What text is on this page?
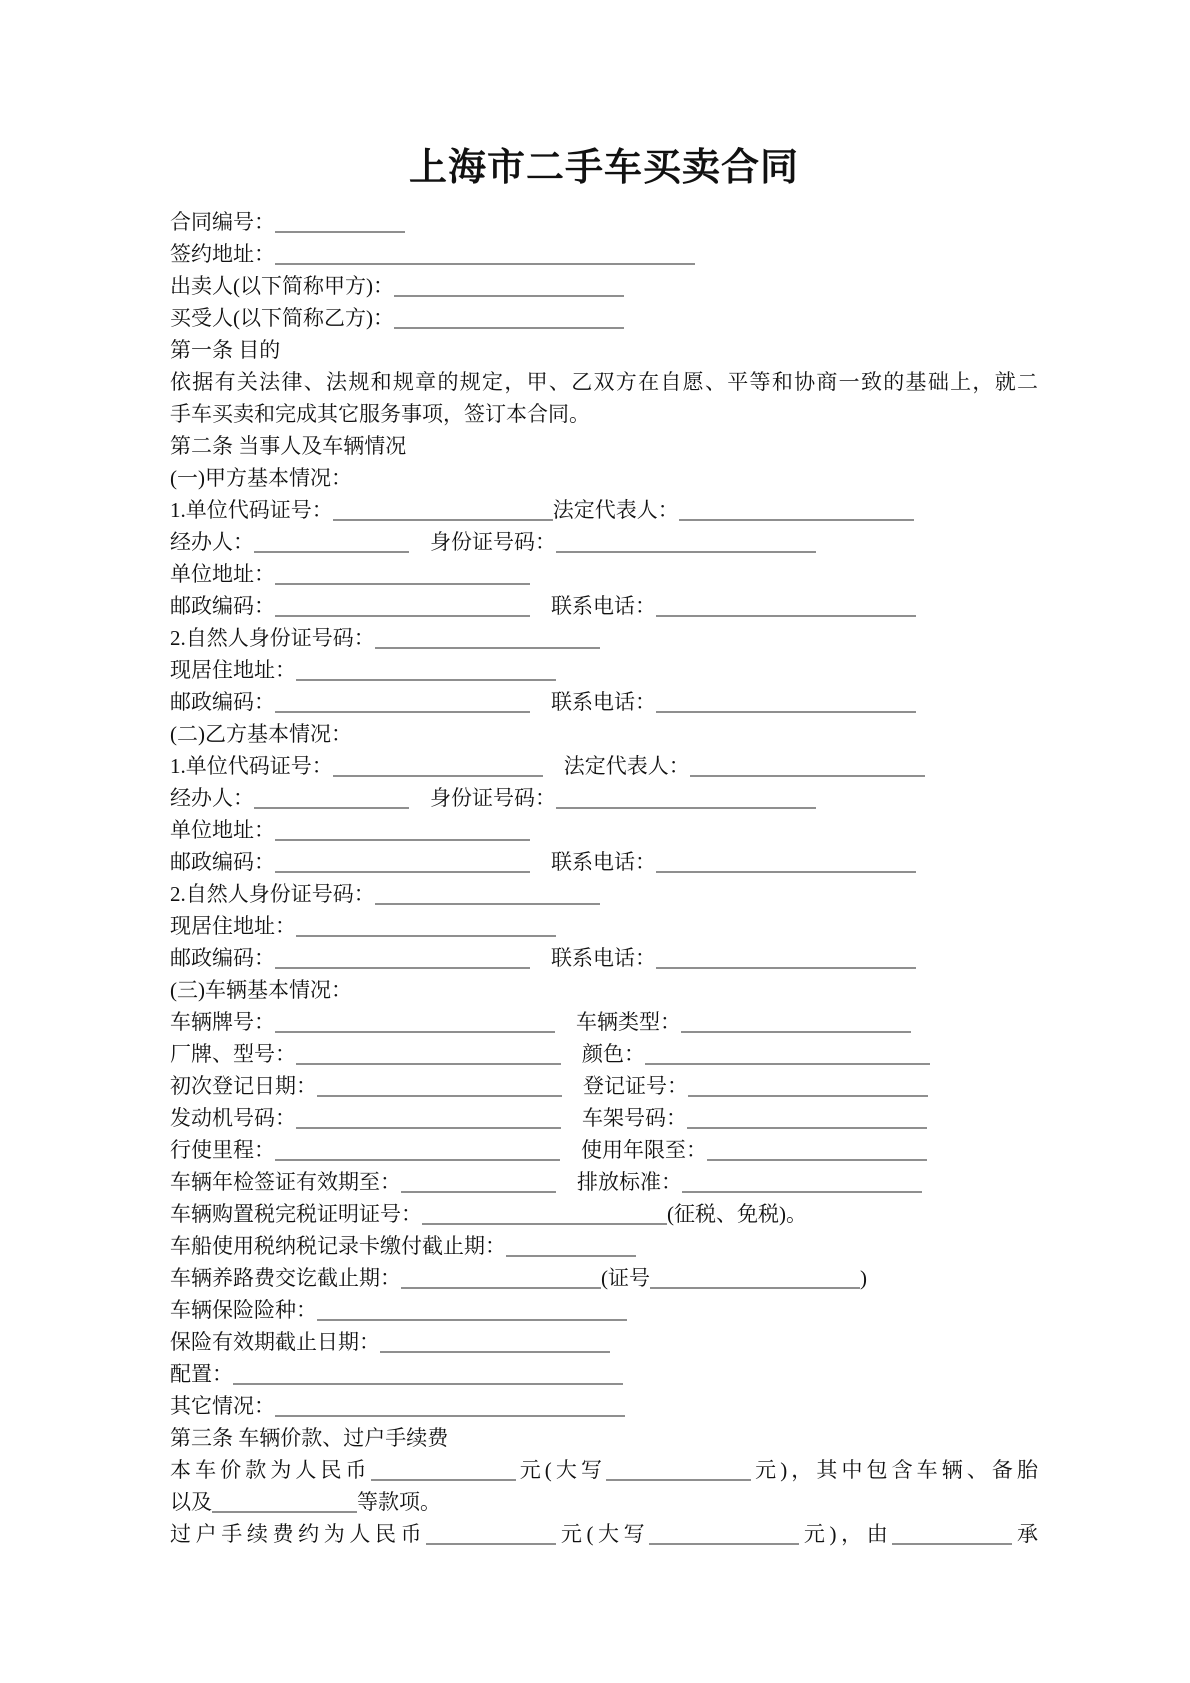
上海市二手车买卖合同
合同编号：
签约地址：
出卖人(以下简称甲方)：
买受人(以下简称乙方)：
第一条 目的
依据有关法律、法规和规章的规定，甲、乙双方在自愿、平等和协商一致的基础上，就二
手车买卖和完成其它服务事项，签订本合同。
第二条 当事人及车辆情况
(一)甲方基本情况：
1.单位代码证号：	法定代表人：
经办人：	　身份证号码：
单位地址：
邮政编码：	　联系电话：
2.自然人身份证号码：
现居住地址：
邮政编码：	　联系电话：
(二)乙方基本情况：
1.单位代码证号：	　法定代表人：
经办人：	　身份证号码：
单位地址：
邮政编码：	　联系电话：
2.自然人身份证号码：
现居住地址：
邮政编码：	　联系电话：
(三)车辆基本情况：
车辆牌号：	　车辆类型：
厂牌、型号：	　颜色：
初次登记日期：	　登记证号：
发动机号码：	　车架号码：
行使里程：	　使用年限至：
车辆年检签证有效期至：	　排放标准：
车辆购置税完税证明证号：	(征税、免税)。
车船使用税纳税记录卡缴付截止期：
车辆养路费交讫截止期：	(证号	)
车辆保险险种：
保险有效期截止日期：
配置：
其它情况：
第三条 车辆价款、过户手续费
本车价款为人民币	元(大写	元)，其中包含车辆、备胎
以及	等款项。
过户手续费约为人民币	元(大写	元)，由	承
